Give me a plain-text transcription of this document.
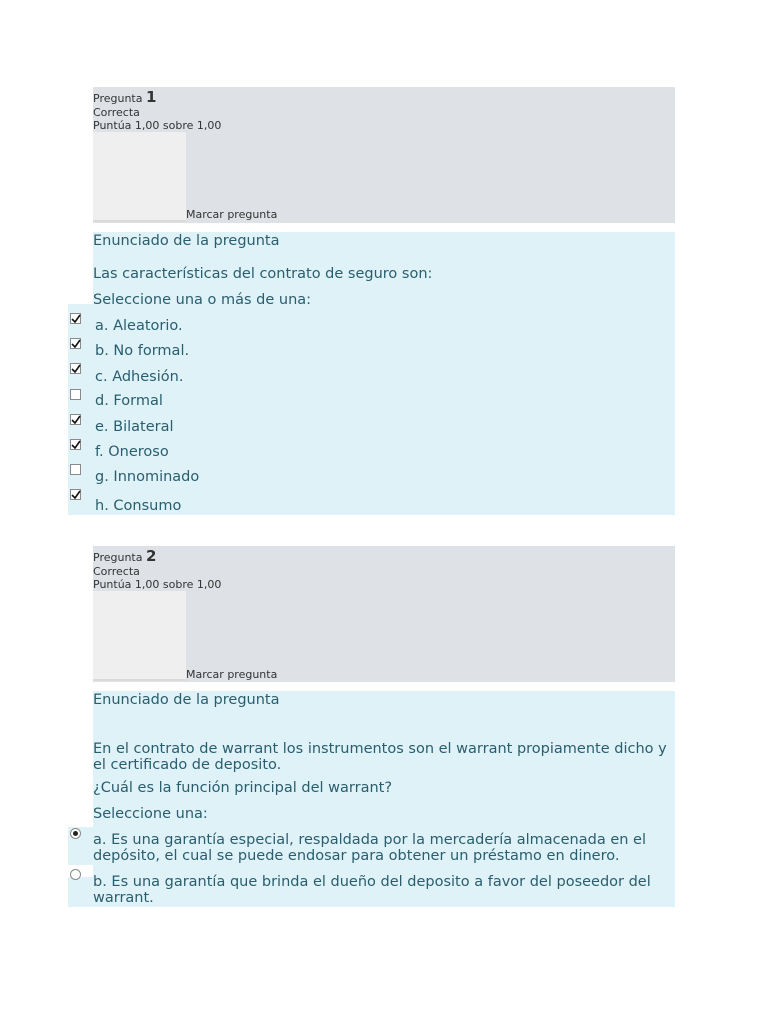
Pregunta 1
Correcta
Puntúa 1,00 sobre 1,00
Marcar pregunta
Enunciado de la pregunta
Las características del contrato de seguro son:
Seleccione una o más de una:
a. Aleatorio.
b. No formal.
c. Adhesión.
d. Formal
e. Bilateral
f. Oneroso
g. Innominado
h. Consumo
Pregunta 2
Correcta
Puntúa 1,00 sobre 1,00
Marcar pregunta
Enunciado de la pregunta
En el contrato de warrant los instrumentos son el warrant propiamente dicho y el certificado de deposito.
¿Cuál es la función principal del warrant?
Seleccione una:
a. Es una garantía especial, respaldada por la mercadería almacenada en el depósito, el cual se puede endosar para obtener un préstamo en dinero.
b. Es una garantía que brinda el dueño del deposito a favor del poseedor del warrant.
